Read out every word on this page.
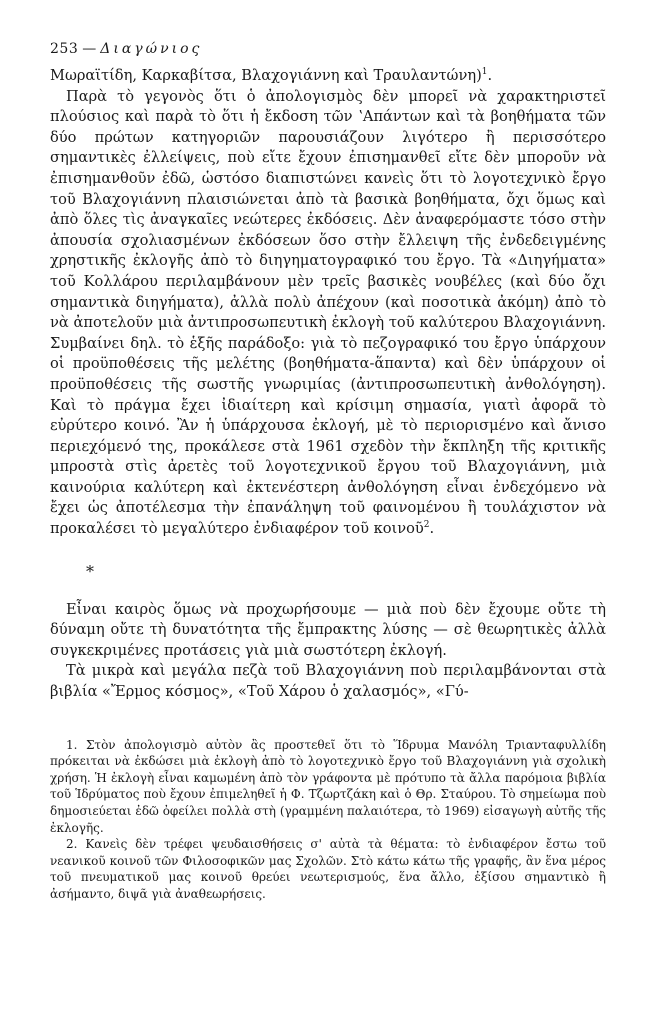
253 — Διαγώνιος

Μωραϊτίδη, Καρκαβίτσα, Βλαχογιάννη καὶ Τραυλαντώνη)$^1$.

Παρὰ τὸ γεγονὸς ὅτι ὁ ἀπολογισμὸς δὲν μπορεῖ νὰ χαρακτηριστεῖ πλούσιος καὶ παρὰ τὸ ὅτι ἡ ἔκδοση τῶν ʽΑπάντων καὶ τὰ βοηθήματα τῶν δύο πρώτων κατηγοριῶν παρουσιάζουν λιγότερο ἢ περισσότερο σημαντικὲς ἐλλείψεις, ποὺ εἴτε ἔχουν ἐπισημανθεῖ εἴτε δὲν μποροῦν νὰ ἐπισημανθοῦν ἐδῶ, ὡστόσο διαπιστώνει κανεὶς ὅτι τὸ λογοτεχνικὸ ἔργο τοῦ Βλαχογιάννη πλαισιώνεται ἀπὸ τὰ βασικὰ βοηθήματα, ὄχι ὅμως καὶ ἀπὸ ὅλες τὶς ἀναγκαῖες νεώτερες ἐκδόσεις. Δὲν ἀναφερόμαστε τόσο στὴν ἀπουσία σχολιασμένων ἐκδόσεων ὅσο στὴν ἔλλειψη τῆς ἐνδεδειγμένης χρηστικῆς ἐκλογῆς ἀπὸ τὸ διηγηματογραφικό του ἔργο. Τὰ «Διηγήματα» τοῦ Κολλάρου περιλαμβάνουν μὲν τρεῖς βασικὲς νουβέλες (καὶ δύο ὄχι σημαντικὰ διηγήματα), ἀλλὰ πολὺ ἀπέχουν (καὶ ποσοτικὰ ἀκόμη) ἀπὸ τὸ νὰ ἀποτελοῦν μιὰ ἀντιπροσωπευτικὴ ἐκλογὴ τοῦ καλύτερου Βλαχογιάννη. Συμβαίνει δηλ. τὸ ἑξῆς παράδοξο: γιὰ τὸ πεζογραφικό του ἔργο ὑπάρχουν οἱ προϋποθέσεις τῆς μελέτης (βοηθήματα-ἅπαντα) καὶ δὲν ὑπάρχουν οἱ προϋποθέσεις τῆς σωστῆς γνωριμίας (ἀντιπροσωπευτικὴ ἀνθολόγηση). Καὶ τὸ πράγμα ἔχει ἰδιαίτερη καὶ κρίσιμη σημασία, γιατὶ ἀφορᾶ τὸ εὐρύτερο κοινό. Ἂν ἡ ὑπάρχουσα ἐκλογή, μὲ τὸ περιορισμένο καὶ ἄνισο περιεχόμενό της, προκάλεσε στὰ 1961 σχεδὸν τὴν ἔκπληξη τῆς κριτικῆς μπροστὰ στὶς ἀρετὲς τοῦ λογοτεχνικοῦ ἔργου τοῦ Βλαχογιάννη, μιὰ καινούρια καλύτερη καὶ ἐκτενέστερη ἀνθολόγηση εἶναι ἐνδεχόμενο νὰ ἔχει ὡς ἀποτέλεσμα τὴν ἐπανάληψη τοῦ φαινομένου ἢ τουλάχιστον νὰ προκαλέσει τὸ μεγαλύτερο ἐνδιαφέρον τοῦ κοινοῦ$^2$.

*

Εἶναι καιρὸς ὅμως νὰ προχωρήσουμε — μιὰ ποὺ δὲν ἔχουμε οὔτε τὴ δύναμη οὔτε τὴ δυνατότητα τῆς ἔμπρακτης λύσης — σὲ θεωρητικὲς ἀλλὰ συγκεκριμένες προτάσεις γιὰ μιὰ σωστότερη ἐκλογή.

Τὰ μικρὰ καὶ μεγάλα πεζὰ τοῦ Βλαχογιάννη ποὺ περιλαμβάνονται στὰ βιβλία «Ἔρμος κόσμος», «Τοῦ Χάρου ὁ χαλασμός», «Γύ-

1. Στὸν ἀπολογισμὸ αὐτὸν ἂς προστεθεῖ ὅτι τὸ Ἵδρυμα Μανόλη Τριανταφυλλίδη πρόκειται νὰ ἐκδώσει μιὰ ἐκλογὴ ἀπὸ τὸ λογοτεχνικὸ ἔργο τοῦ Βλαχογιάννη γιὰ σχολικὴ χρήση. Ἡ ἐκλογὴ εἶναι καμωμένη ἀπὸ τὸν γράφοντα μὲ πρότυπο τὰ ἄλλα παρόμοια βιβλία τοῦ Ἱδρύματος ποὺ ἔχουν ἐπιμεληθεῖ ἡ Φ. Τζωρτζάκη καὶ ὁ Θρ. Σταύρου. Τὸ σημείωμα ποὺ δημοσιεύεται ἐδῶ ὀφείλει πολλὰ στὴ (γραμμένη παλαιότερα, τὸ 1969) εἰσαγωγὴ αὐτῆς τῆς ἐκλογῆς.

2. Κανεὶς δὲν τρέφει ψευδαισθήσεις σ' αὐτὰ τὰ θέματα: τὸ ἐνδιαφέρον ἔστω τοῦ νεανικοῦ κοινοῦ τῶν Φιλοσοφικῶν μας Σχολῶν. Στὸ κάτω κάτω τῆς γραφῆς, ἂν ἕνα μέρος τοῦ πνευματικοῦ μας κοινοῦ θρεύει νεωτερισμούς, ἕνα ἄλλο, ἐξίσου σημαντικὸ ἢ ἀσήμαντο, διψᾶ γιὰ ἀναθεωρήσεις.
